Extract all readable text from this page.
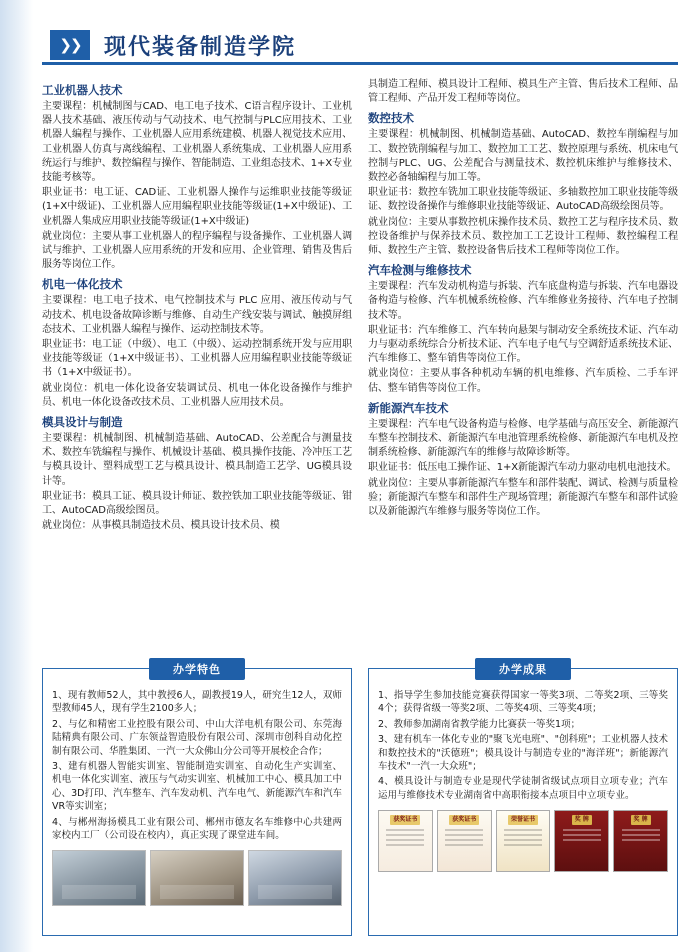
❯❯	现代装备制造学院
工业机器人技术

主要课程：机械制图与CAD、电工电子技术、C语言程序设计、工业机器人技术基础、液压传动与气动技术、电气控制与PLC应用技术、工业机器人编程与操作、工业机器人应用系统建模、机器人视觉技术应用、工业机器人仿真与离线编程、工业机器人系统集成、工业机器人应用系统运行与维护、数控编程与操作、智能制造、工业组态技术、1+X专业技能考核等。

职业证书：电工证、CAD证、工业机器人操作与运维职业技能等级证(1+X中级证)、工业机器人应用编程职业技能等级证(1+X中级证)、工业机器人集成应用职业技能等级证(1+X中级证)

就业岗位：主要从事工业机器人的程序编程与设备操作、工业机器人调试与维护、工业机器人应用系统的开发和应用、企业管理、销售及售后服务等岗位工作。

机电一体化技术

主要课程：电工电子技术、电气控制技术与 PLC 应用、液压传动与气动技术、机电设备故障诊断与维修、自动生产线安装与调试、触摸屏组态技术、工业机器人编程与操作、运动控制技术等。

职业证书：电工证（中级）、电工（中级）、运动控制系统开发与应用职业技能等级证（1+X中级证书）、工业机器人应用编程职业技能等级证书（1+X中级证书）。

就业岗位：机电一体化设备安装调试员、机电一体化设备操作与维护员、机电一体化设备改技术员、工业机器人应用技术员。

模具设计与制造

主要课程：机械制图、机械制造基础、AutoCAD、公差配合与测量技术、数控车铣编程与操作、机械设计基础、模具操作技能、冷冲压工艺与模具设计、塑料成型工艺与模具设计、模具制造工艺学、UG模具设计等。

职业证书：模具工证、模具设计师证、数控铁加工职业技能等级证、钳工、AutoCAD高级绘图员。

就业岗位：从事模具制造技术员、模具设计技术员、模

具制造工程师、模具设计工程师、模具生产主管、售后技术工程师、品管工程师、产品开发工程师等岗位。

数控技术

主要课程：机械制图、机械制造基础、AutoCAD、数控车削编程与加工、数控铣削编程与加工、数控加工工艺、数控原理与系统、机床电气控制与PLC、UG、公差配合与测量技术、数控机床维护与维修技术、数控必备轴编程与加工等。

职业证书：数控车铣加工职业技能等级证、多轴数控加工职业技能等级证、数控设备操作与维修职业技能等级证、AutoCAD高级绘图员等。

就业岗位：主要从事数控机床操作技术员、数控工艺与程序技术员、数控设备维护与保养技术员、数控加工工艺设计工程师、数控编程工程师、数控生产主管、数控设备售后技术工程师等岗位工作。

汽车检测与维修技术

主要课程：汽车发动机构造与拆装、汽车底盘构造与拆装、汽车电器设备构造与检修、汽车机械系统检修、汽车维修业务接待、汽车电子控制技术等。

职业证书：汽车维修工、汽车转向悬架与制动安全系统技术证、汽车动力与驱动系统综合分析技术证、汽车电子电气与空调舒适系统技术证、汽车维修工、整车销售等岗位工作。

就业岗位：主要从事各种机动车辆的机电维修、汽车质检、二手车评估、整车销售等岗位工作。

新能源汽车技术

主要课程：汽车电气设备构造与检修、电学基础与高压安全、新能源汽车整车控制技术、新能源汽车电池管理系统检修、新能源汽车电机及控制系统检修、新能源汽车的维修与故障诊断等。

职业证书：低压电工操作证、1+X新能源汽车动力驱动电机电池技术。

就业岗位：主要从事新能源汽车整车和部件装配、调试、检测与质量检验；新能源汽车整车和部件生产现场管理；新能源汽车整车和部件试验以及新能源汽车维修与服务等岗位工作。

办学特色

1、现有教师52人，其中教授6人，副教授19人，研究生12人，双师型教师45人，现有学生2100多人；

2、与亿和精密工业控股有限公司、中山大洋电机有限公司、东莞海陆精典有限公司、广东领益智造股份有限公司、深圳市创科自动化控制有限公司、华胜集团、一汽一大众佛山分公司等开展校企合作；

3、建有机器人智能实训室、智能制造实训室、自动化生产实训室、机电一体化实训室、液压与气动实训室、机械加工中心、模具加工中心、3D打印、汽车整车、汽车发动机、汽车电气、新能源汽车和汽车VR等实训室；

4、与郴州海扬模具工业有限公司、郴州市德友名车维修中心共建两家校内工厂（公司设在校内），真正实现了课堂进车间。

办学成果

1、指导学生参加技能竞赛获得国家一等奖3项、二等奖2项、三等奖4个；获得省级一等奖2项、二等奖4项、三等奖4项；

2、教师参加湖南省教学能力比赛获一等奖1项；

3、建有机车一体化专业的"聚飞光电班"、"创科班"；工业机器人技术和数控技术的"沃德班"；模具设计与制造专业的"海洋班"；新能源汽车技术"一汽一大众班"；

4、模具设计与制造专业是现代学徒制省级试点项目立项专业；汽车运用与维修技术专业湖南省中高职衔接本点项目中立项专业。

获奖证书	获奖证书	荣誉证书	奖 牌	奖 牌
